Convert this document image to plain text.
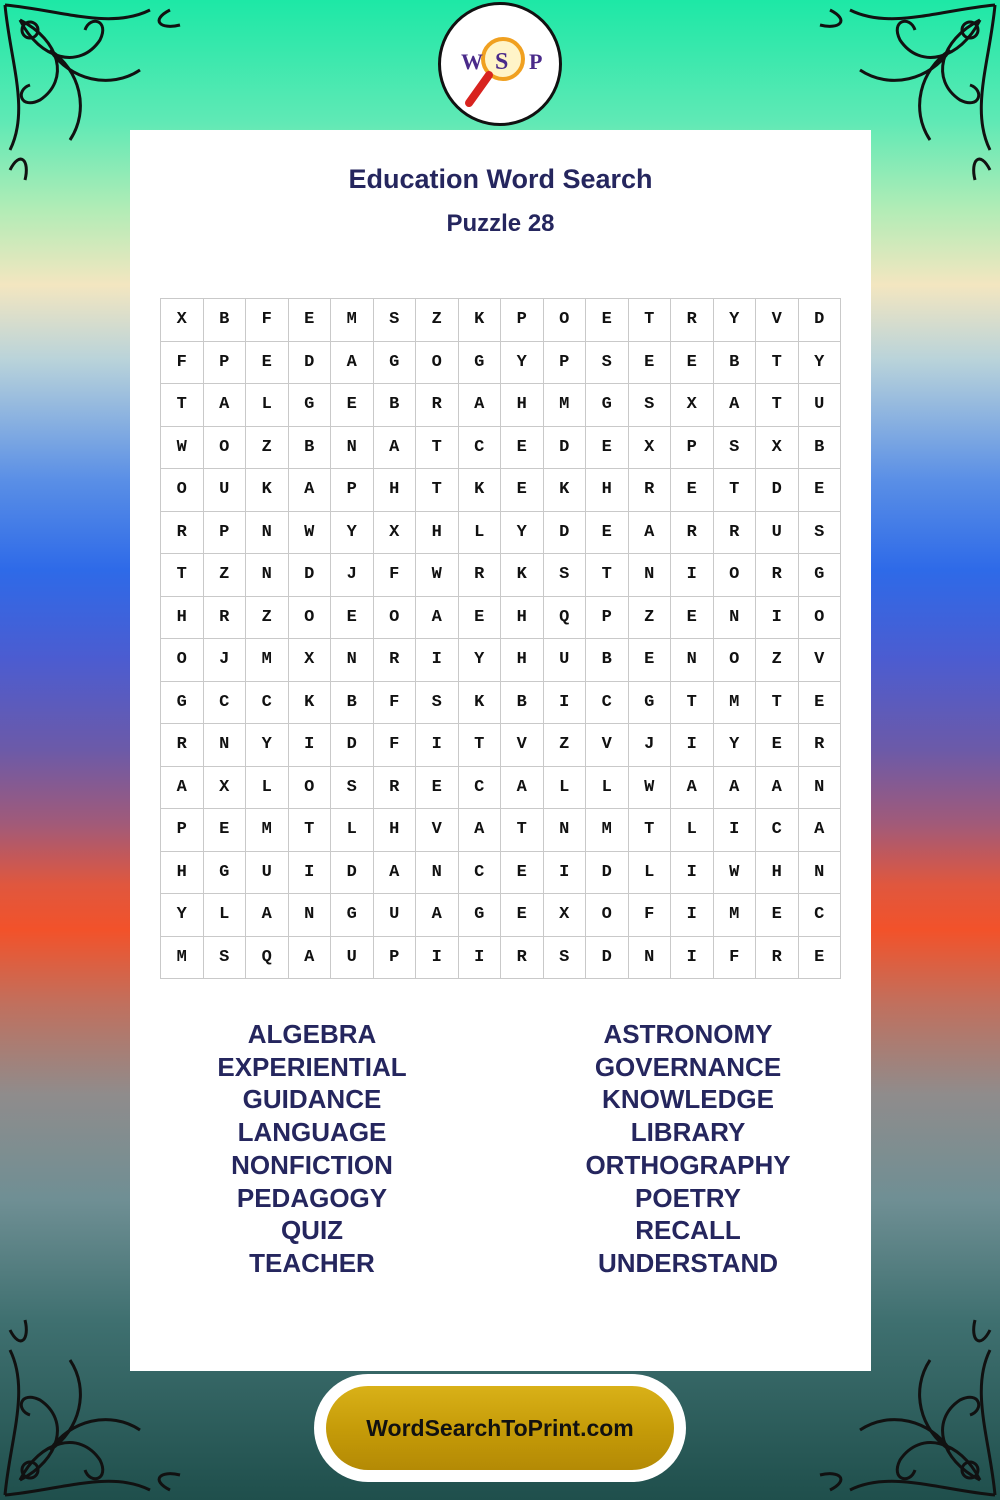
W S P
Education Word Search
Puzzle 28
X	B	F	E	M	S	Z	K	P	O	E	T	R	Y	V	D
F	P	E	D	A	G	O	G	Y	P	S	E	E	B	T	Y
T	A	L	G	E	B	R	A	H	M	G	S	X	A	T	U
W	O	Z	B	N	A	T	C	E	D	E	X	P	S	X	B
O	U	K	A	P	H	T	K	E	K	H	R	E	T	D	E
R	P	N	W	Y	X	H	L	Y	D	E	A	R	R	U	S
T	Z	N	D	J	F	W	R	K	S	T	N	I	O	R	G
H	R	Z	O	E	O	A	E	H	Q	P	Z	E	N	I	O
O	J	M	X	N	R	I	Y	H	U	B	E	N	O	Z	V
G	C	C	K	B	F	S	K	B	I	C	G	T	M	T	E
R	N	Y	I	D	F	I	T	V	Z	V	J	I	Y	E	R
A	X	L	O	S	R	E	C	A	L	L	W	A	A	A	N
P	E	M	T	L	H	V	A	T	N	M	T	L	I	C	A
H	G	U	I	D	A	N	C	E	I	D	L	I	W	H	N
Y	L	A	N	G	U	A	G	E	X	O	F	I	M	E	C
M	S	Q	A	U	P	I	I	R	S	D	N	I	F	R	E
ALGEBRA
EXPERIENTIAL
GUIDANCE
LANGUAGE
NONFICTION
PEDAGOGY
QUIZ
TEACHER
ASTRONOMY
GOVERNANCE
KNOWLEDGE
LIBRARY
ORTHOGRAPHY
POETRY
RECALL
UNDERSTAND
WordSearchToPrint.com
